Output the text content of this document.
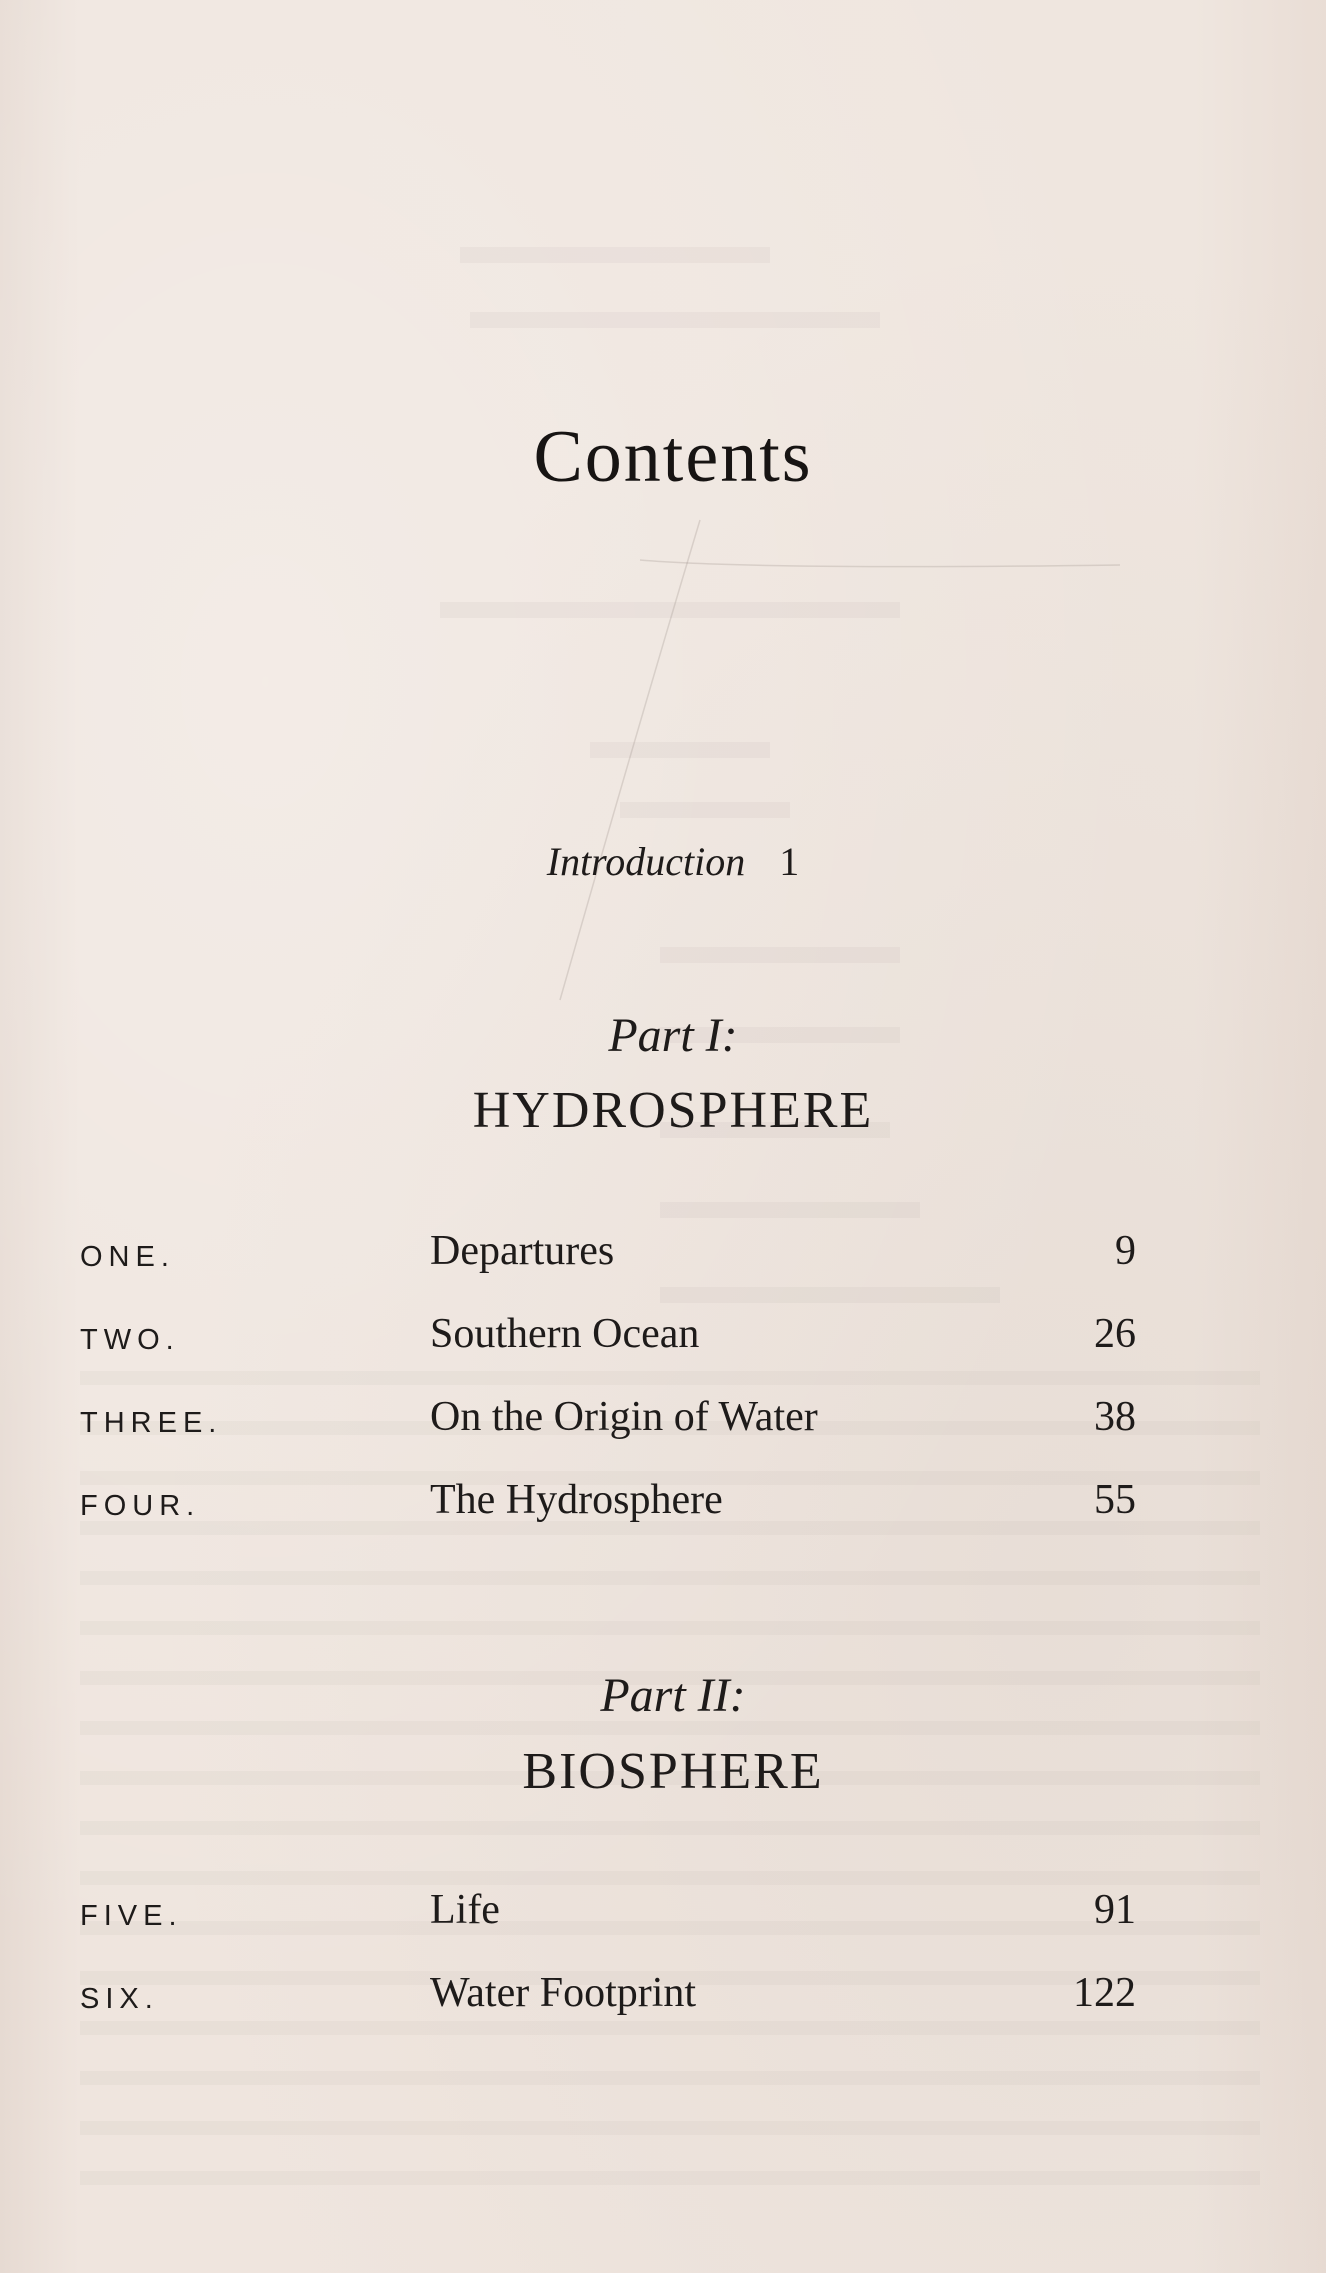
Contents
Introduction 1
Part I:
HYDROSPHERE
ONE.	Departures	9
TWO.	Southern Ocean	26
THREE.	On the Origin of Water	38
FOUR.	The Hydrosphere	55
Part II:
BIOSPHERE
FIVE.	Life	91
SIX.	Water Footprint	122
